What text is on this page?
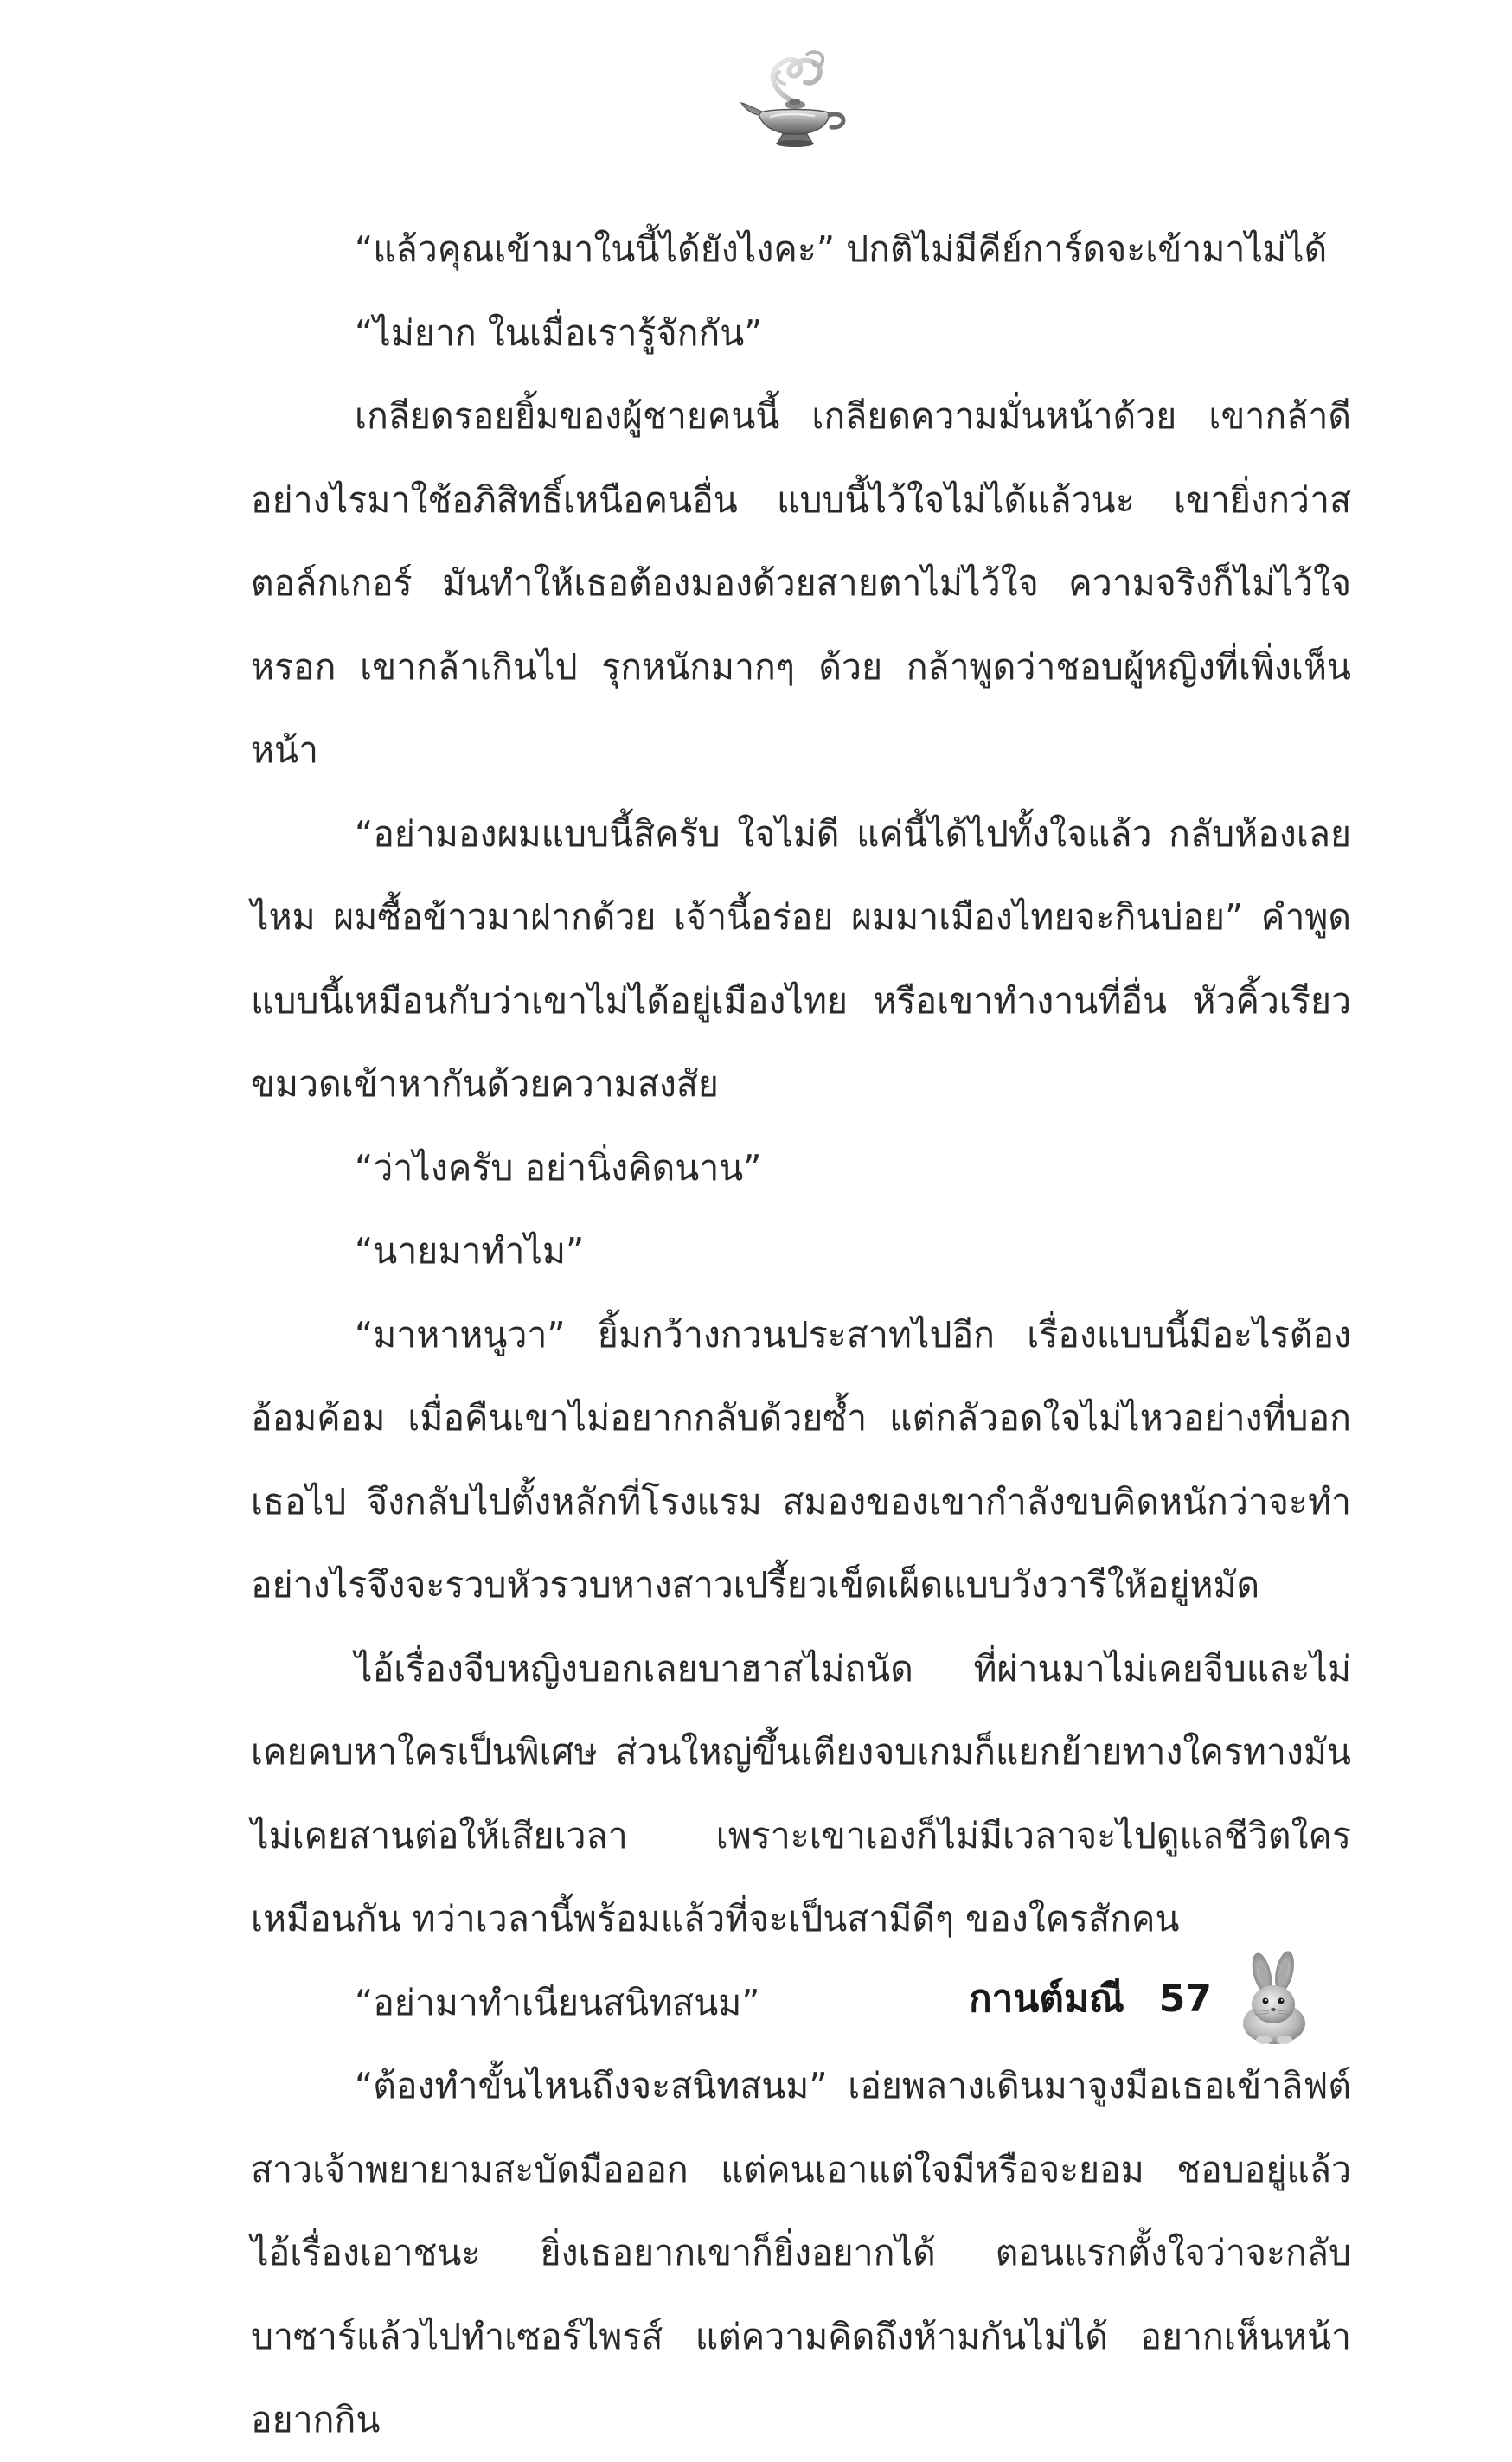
“แล้วคุณเข้ามาในนี้ได้ยังไงคะ” ปกติไม่มีคีย์การ์ดจะเข้ามาไม่ได้

“ไม่ยาก ในเมื่อเรารู้จักกัน”

เกลียดรอยยิ้มของผู้ชายคนนี้ เกลียดความมั่นหน้าด้วย เขากล้าดีอย่างไรมาใช้อภิสิทธิ์เหนือคนอื่น แบบนี้ไว้ใจไม่ได้แล้วนะ เขายิ่งกว่าสตอล์กเกอร์ มันทำให้เธอต้องมองด้วยสายตาไม่ไว้ใจ ความจริงก็ไม่ไว้ใจหรอก เขากล้าเกินไป รุกหนักมากๆ ด้วย กล้าพูดว่าชอบผู้หญิงที่เพิ่งเห็นหน้า

“อย่ามองผมแบบนี้สิครับ ใจไม่ดี แค่นี้ได้ไปทั้งใจแล้ว กลับห้องเลยไหม ผมซื้อข้าวมาฝากด้วย เจ้านี้อร่อย ผมมาเมืองไทยจะกินบ่อย” คำพูดแบบนี้เหมือนกับว่าเขาไม่ได้อยู่เมืองไทย หรือเขาทำงานที่อื่น หัวคิ้วเรียวขมวดเข้าหากันด้วยความสงสัย

“ว่าไงครับ อย่านิ่งคิดนาน”

“นายมาทำไม”

“มาหาหนูวา” ยิ้มกว้างกวนประสาทไปอีก เรื่องแบบนี้มีอะไรต้องอ้อมค้อม เมื่อคืนเขาไม่อยากกลับด้วยซ้ำ แต่กลัวอดใจไม่ไหวอย่างที่บอกเธอไป จึงกลับไปตั้งหลักที่โรงแรม สมองของเขากำลังขบคิดหนักว่าจะทำอย่างไรจึงจะรวบหัวรวบหางสาวเปรี้ยวเข็ดเผ็ดแบบวังวารีให้อยู่หมัด

ไอ้เรื่องจีบหญิงบอกเลยบาฮาสไม่ถนัด ที่ผ่านมาไม่เคยจีบและไม่เคยคบหาใครเป็นพิเศษ ส่วนใหญ่ขึ้นเตียงจบเกมก็แยกย้ายทางใครทางมัน ไม่เคยสานต่อให้เสียเวลา เพราะเขาเองก็ไม่มีเวลาจะไปดูแลชีวิตใครเหมือนกัน ทว่าเวลานี้พร้อมแล้วที่จะเป็นสามีดีๆ ของใครสักคน

“อย่ามาทำเนียนสนิทสนม”

“ต้องทำขั้นไหนถึงจะสนิทสนม” เอ่ยพลางเดินมาจูงมือเธอเข้าลิฟต์ สาวเจ้าพยายามสะบัดมือออก แต่คนเอาแต่ใจมีหรือจะยอม ชอบอยู่แล้ว ไอ้เรื่องเอาชนะ ยิ่งเธอยากเขาก็ยิ่งอยากได้ ตอนแรกตั้งใจว่าจะกลับบาซาร์แล้วไปทำเซอร์ไพรส์ แต่ความคิดถึงห้ามกันไม่ได้ อยากเห็นหน้า อยากกิน

กานต์มณี 57
